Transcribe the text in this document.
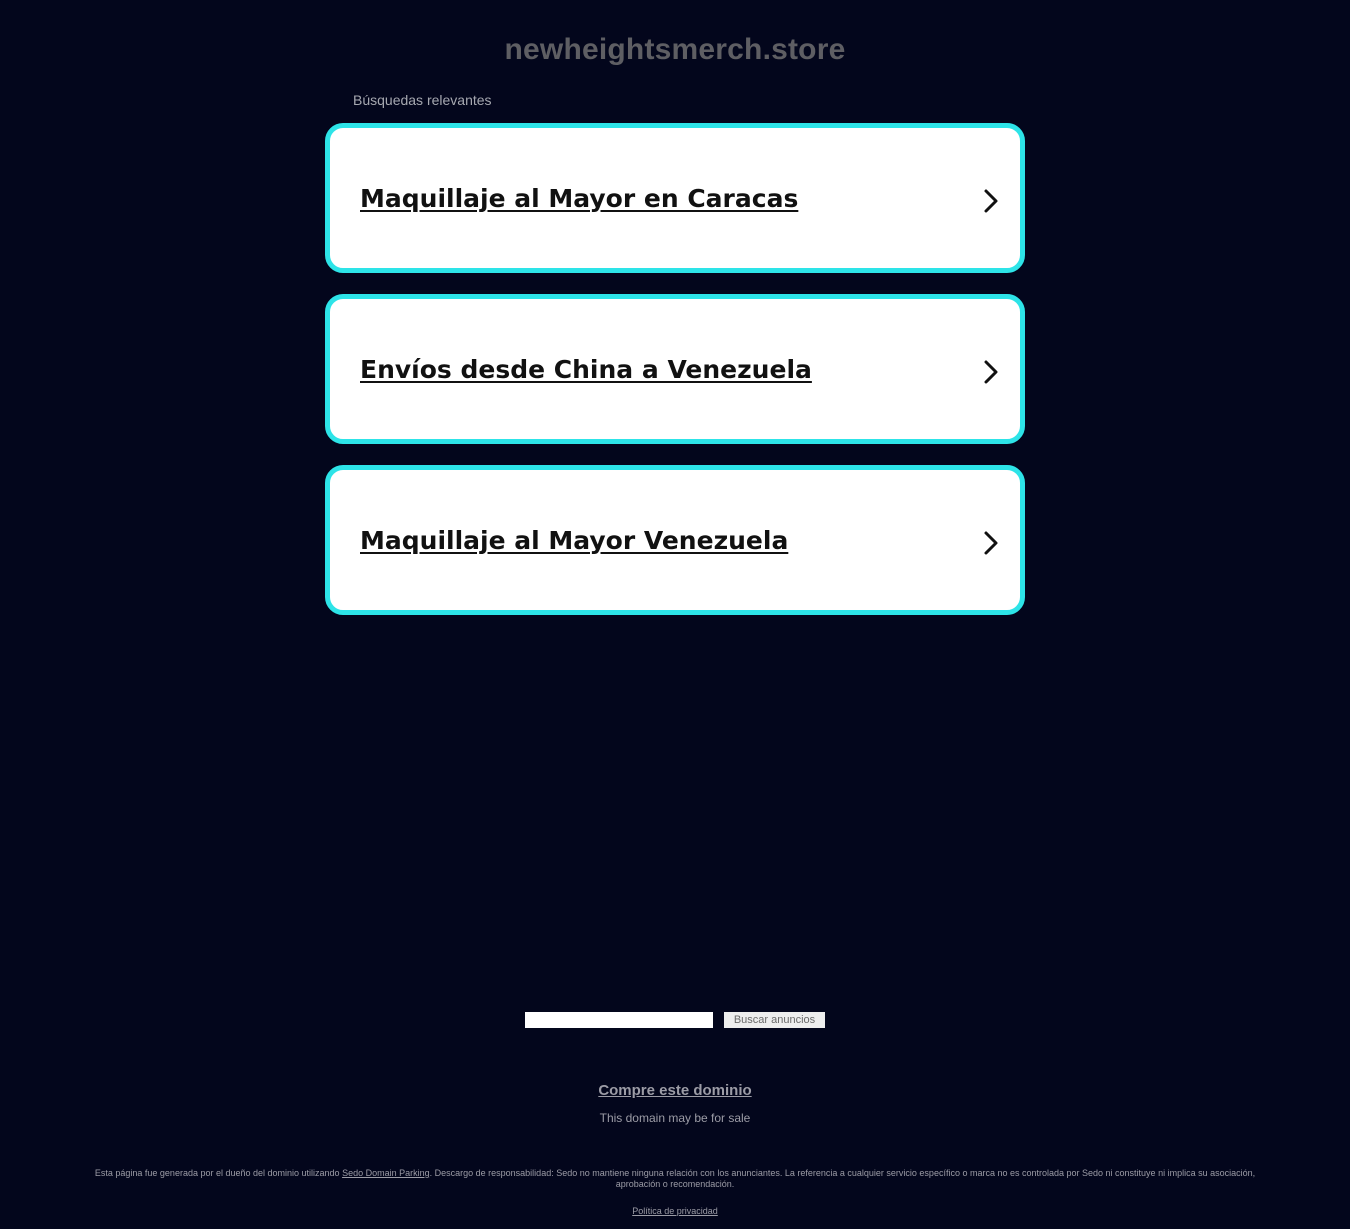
newheightsmerch.store
Búsquedas relevantes
Maquillaje al Mayor en Caracas
Envíos desde China a Venezuela
Maquillaje al Mayor Venezuela
Buscar anuncios
Compre este dominio
This domain may be for sale
Esta página fue generada por el dueño del dominio utilizando Sedo Domain Parking. Descargo de responsabilidad: Sedo no mantiene ninguna relación con los anunciantes. La referencia a cualquier servicio específico o marca no es controlada por Sedo ni constituye ni implica su asociación, aprobación o recomendación.
Política de privacidad
